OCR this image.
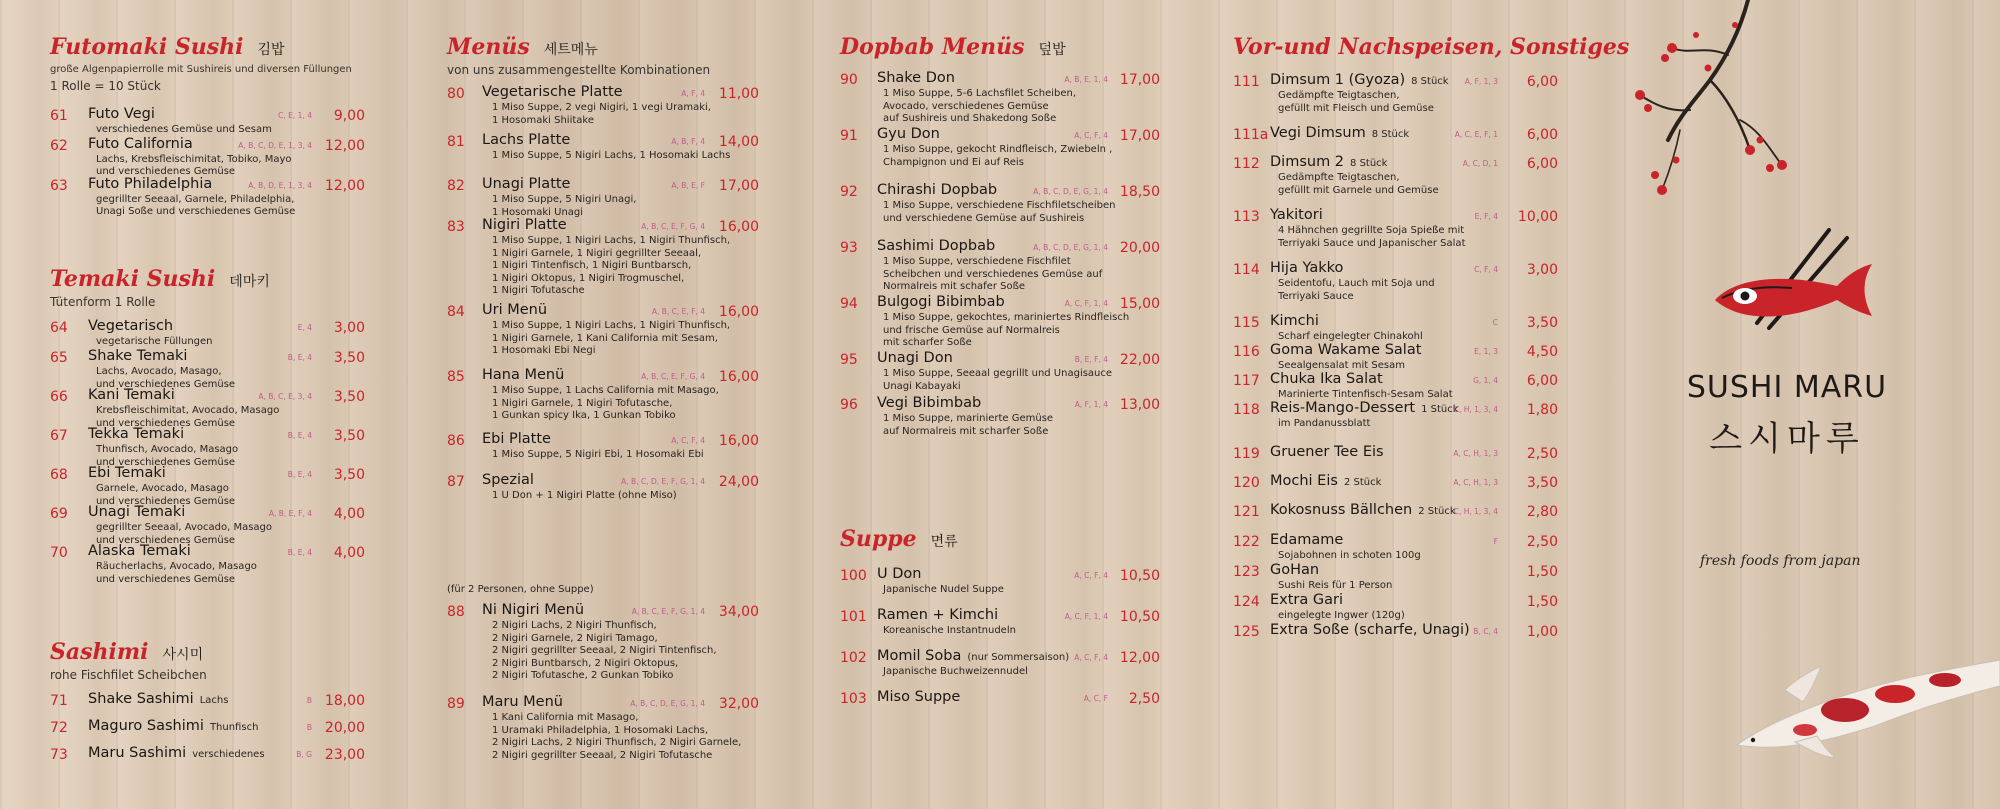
Futomaki Sushi 김밥
große Algenpapierrolle mit Sushireis und diversen Füllungen
1 Rolle = 10 Stück
61 Futo Vegi
verschiedenes Gemüse und Sesam
C, E, 1, 4 9,00
62 Futo California
Lachs, Krebsfleischimitat, Tobiko, Mayo
und verschiedenes Gemüse
A, B, C, D, E, 1, 3, 4 12,00
63 Futo Philadelphia
gegrillter Seeaal, Garnele, Philadelphia,
Unagi Soße und verschiedenes Gemüse
A, B, D, E, 1, 3, 4 12,00
Temaki Sushi 데마키
Tütenform 1 Rolle
64 Vegetarisch
vegetarische Füllungen
E, 4 3,00
65 Shake Temaki
Lachs, Avocado, Masago,
und verschiedenes Gemüse
B, E, 4 3,50
66 Kani Temaki
Krebsfleischimitat, Avocado, Masago
und verschiedenes Gemüse
A, B, C, E, 3, 4 3,50
67 Tekka Temaki
Thunfisch, Avocado, Masago
und verschiedenes Gemüse
B, E, 4 3,50
68 Ebi Temaki
Garnele, Avocado, Masago
und verschiedenes Gemüse
B, E, 4 3,50
69 Unagi Temaki
gegrillter Seeaal, Avocado, Masago
und verschiedenes Gemüse
A, B, E, F, 4 4,00
70 Alaska Temaki
Räucherlachs, Avocado, Masago
und verschiedenes Gemüse
B, E, 4 4,00
Sashimi 사시미
rohe Fischfilet Scheibchen
71 Shake Sashimi Lachs	B 18,00
72 Maguro Sashimi Thunfisch	B 20,00
73 Maru Sashimi verschiedenes	B, G 23,00
Menüs 세트메뉴
von uns zusammengestellte Kombinationen
80 Vegetarische Platte
1 Miso Suppe, 2 vegi Nigiri, 1 vegi Uramaki,
1 Hosomaki Shiitake
A, F, 4 11,00
81 Lachs Platte
1 Miso Suppe, 5 Nigiri Lachs, 1 Hosomaki Lachs
A, B, F, 4 14,00
82 Unagi Platte
1 Miso Suppe, 5 Nigiri Unagi,
1 Hosomaki Unagi
A, B, E, F 17,00
83 Nigiri Platte
1 Miso Suppe, 1 Nigiri Lachs, 1 Nigiri Thunfisch,
1 Nigiri Garnele, 1 Nigiri gegrillter Seeaal,
1 Nigiri Tintenfisch, 1 Nigiri Buntbarsch,
1 Nigiri Oktopus, 1 Nigiri Trogmuschel,
1 Nigiri Tofutasche
A, B, C, E, F, G, 4 16,00
84 Uri Menü
1 Miso Suppe, 1 Nigiri Lachs, 1 Nigiri Thunfisch,
1 Nigiri Garnele, 1 Kani California mit Sesam,
1 Hosomaki Ebi Negi
A, B, C, E, F, 4 16,00
85 Hana Menü
1 Miso Suppe, 1 Lachs California mit Masago,
1 Nigiri Garnele, 1 Nigiri Tofutasche,
1 Gunkan spicy Ika, 1 Gunkan Tobiko
A, B, C, E, F, G, 4 16,00
86 Ebi Platte
1 Miso Suppe, 5 Nigiri Ebi, 1 Hosomaki Ebi
A, C, F, 4 16,00
87 Spezial
1 U Don + 1 Nigiri Platte (ohne Miso)
A, B, C, D, E, F, G, 1, 4 24,00
(für 2 Personen, ohne Suppe)
88 Ni Nigiri Menü
2 Nigiri Lachs, 2 Nigiri Thunfisch,
2 Nigiri Garnele, 2 Nigiri Tamago,
2 Nigiri gegrillter Seeaal, 2 Nigiri Tintenfisch,
2 Nigiri Buntbarsch, 2 Nigiri Oktopus,
2 Nigiri Tofutasche, 2 Gunkan Tobiko
A, B, C, E, F, G, 1, 4 34,00
89 Maru Menü
1 Kani California mit Masago,
1 Uramaki Philadelphia, 1 Hosomaki Lachs,
2 Nigiri Lachs, 2 Nigiri Thunfisch, 2 Nigiri Garnele,
2 Nigiri gegrillter Seeaal, 2 Nigiri Tofutasche
A, B, C, D, E, G, 1, 4 32,00
Dopbab Menüs 덮밥
90 Shake Don
1 Miso Suppe, 5-6 Lachsfilet Scheiben,
Avocado, verschiedenes Gemüse
auf Sushireis und Shakedong Soße
A, B, E, 1, 4 17,00
91 Gyu Don
1 Miso Suppe, gekocht Rindfleisch, Zwiebeln ,
Champignon und Ei auf Reis
A, C, F, 4 17,00
92 Chirashi Dopbab
1 Miso Suppe, verschiedene Fischfiletscheiben
und verschiedene Gemüse auf Sushireis
A, B, C, D, E, G, 1, 4 18,50
93 Sashimi Dopbab
1 Miso Suppe, verschiedene Fischfilet
Scheibchen und verschiedenes Gemüse auf
Normalreis mit schafer Soße
A, B, C, D, E, G, 1, 4 20,00
94 Bulgogi Bibimbab
1 Miso Suppe, gekochtes, mariniertes Rindfleisch
und frische Gemüse auf Normalreis
mit scharfer Soße
A, C, F, 1, 4 15,00
95 Unagi Don
1 Miso Suppe, Seeaal gegrillt und Unagisauce
Unagi Kabayaki
B, E, F, 4 22,00
96 Vegi Bibimbab
1 Miso Suppe, marinierte Gemüse
auf Normalreis mit scharfer Soße
A, F, 1, 4 13,00
Suppe 면류
100 U Don
Japanische Nudel Suppe
A, C, F, 4 10,50
101 Ramen + Kimchi
Koreanische Instantnudeln
A, C, F, 1, 4 10,50
102 Momil Soba (nur Sommersaison)
Japanische Buchweizennudel
A, C, F, 4 12,00
103 Miso Suppe	A, C, F 2,50
Vor-und Nachspeisen, Sonstiges
111 Dimsum 1 (Gyoza) 8 Stück
Gedämpfte Teigtaschen,
gefüllt mit Fleisch und Gemüse
A, F, 1, 3 6,00
111a Vegi Dimsum 8 Stück	A, C, E, F, 1 6,00
112 Dimsum 2 8 Stück
Gedämpfte Teigtaschen,
gefüllt mit Garnele und Gemüse
A, C, D, 1 6,00
113 Yakitori
4 Hähnchen gegrillte Soja Spieße mit
Terriyaki Sauce und Japanischer Salat
E, F, 4 10,00
114 Hija Yakko
Seidentofu, Lauch mit Soja und
Terriyaki Sauce
C, F, 4 3,00
115 Kimchi
Scharf eingelegter Chinakohl
C 3,50
116 Goma Wakame Salat
Seealgensalat mit Sesam
E, 1, 3 4,50
117 Chuka Ika Salat
Marinierte Tintenfisch-Sesam Salat
G, 1, 4 6,00
118 Reis-Mango-Dessert 1 Stück
im Pandanussblatt
C, H, 1, 3, 4 1,80
119 Gruener Tee Eis	A, C, H, 1, 3 2,50
120 Mochi Eis 2 Stück	A, C, H, 1, 3 3,50
121 Kokosnuss Bällchen 2 Stück
C, H, 1, 3, 4 2,80
122 Edamame
Sojabohnen in schoten 100g
F 2,50
123 GoHan
Sushi Reis für 1 Person
1,50
124 Extra Gari
eingelegte Ingwer (120g)
1,50
125 Extra Soße (scharfe, Unagi) B, C, 4 1,00
SUSHI MARU
스시마루
fresh foods from japan
